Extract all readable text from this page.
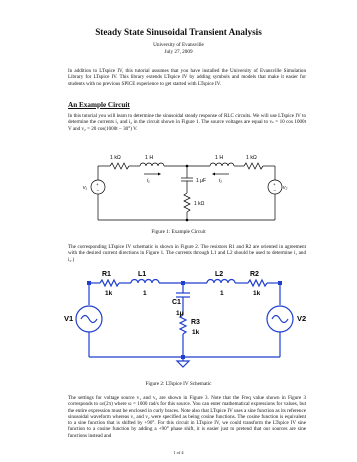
Steady State Sinusoidal Transient Analysis
University of Evansville
July 27, 2009
In addition to LTspice IV, this tutorial assumes that you have installed the University of Evansville Simulation Library for LTspice IV. This library extends LTspice IV by adding symbols and models that make it easier for students with no previous SPICE experience to get started with LTspice IV.
An Example Circuit
In this tutorial you will learn to determine the sinusoidal steady response of RLC circuits. We will use LTspice IV to determine the currents i₁ and i₂ in the circuit shown in Figure 1. The source voltages are equal to vₛ = 10 cos 1000t V and v₂ = 20 cos(1000t − 30°) V.
1 kΩ	1 H	1 H	1 kΩ
i₁	i₂
1 μF
1 kΩ
v₁	v₂
+
−
+
−
Figure 1: Example Circuit
The corresponding LTspice IV schematic is shown in Figure 2. The resistors R1 and R2 are oriented in agreement with the desired current directions in Figure 1. The currents through L1 and L2 should be used to determine i₁ and i₂.)
R1
1k
L1
1
L2
1
R2
1k
C1
1μ
R3
1k
V1	V2
Figure 2: LTspice IV Schematic
The settings for voltage source v₁ and v₂ are shown in Figure 3. Note that the Freq value shown in Figure 3 corresponds to ω/(2π) where ω = 1000 rad/s for this source. You can enter mathematical expressions for values, but the entire expression must be enclosed in curly braces. Note also that LTspice IV uses a sine function as its reference sinusoidal waveform whereas v₁ and v₂ were specified as being cosine functions. The cosine function is equivalent to a sine function that is shifted by +90°. For this circuit in LTspice IV, we could transform the LTspice IV sine function to a cosine function by adding a +90° phase shift, it is easier just to pretend that our sources are sine functions instead and
1 of 4
